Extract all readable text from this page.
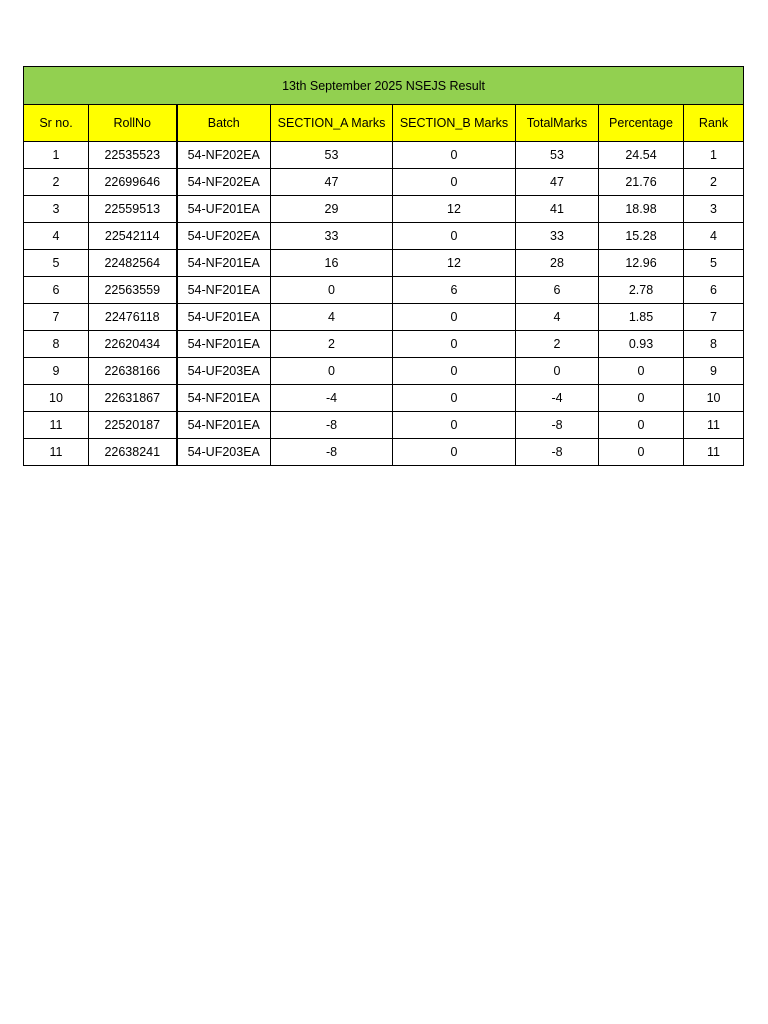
13th September 2025 NSEJS Result							
Sr no.	RollNo	Batch	SECTION_A Marks	SECTION_B Marks	TotalMarks	Percentage	Rank
1	22535523	54-NF202EA	53	0	53	24.54	1
2	22699646	54-NF202EA	47	0	47	21.76	2
3	22559513	54-UF201EA	29	12	41	18.98	3
4	22542114	54-UF202EA	33	0	33	15.28	4
5	22482564	54-NF201EA	16	12	28	12.96	5
6	22563559	54-NF201EA	0	6	6	2.78	6
7	22476118	54-UF201EA	4	0	4	1.85	7
8	22620434	54-NF201EA	2	0	2	0.93	8
9	22638166	54-UF203EA	0	0	0	0	9
10	22631867	54-NF201EA	-4	0	-4	0	10
11	22520187	54-NF201EA	-8	0	-8	0	11
11	22638241	54-UF203EA	-8	0	-8	0	11
